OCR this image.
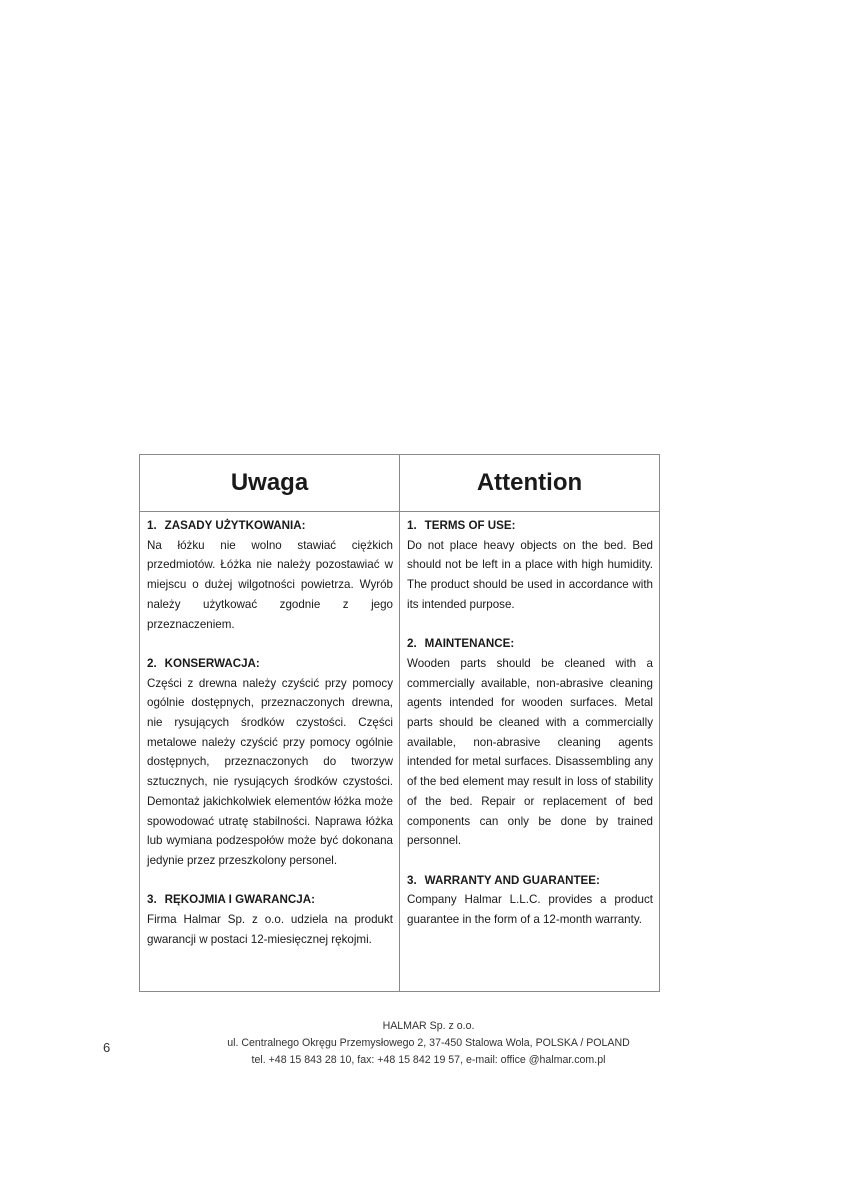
Uwaga	Attention
1. ZASADY UŻYTKOWANIA:
Na łóżku nie wolno stawiać ciężkich przedmiotów. Łóżka nie należy pozostawiać w miejscu o dużej wilgotności powietrza. Wyrób należy użytkować zgodnie z jego przeznaczeniem.
2. KONSERWACJA:
Części z drewna należy czyścić przy pomocy ogólnie dostępnych, przeznaczonych drewna, nie rysujących środków czystości. Części metalowe należy czyścić przy pomocy ogólnie dostępnych, przeznaczonych do tworzyw sztucznych, nie rysujących środków czystości. Demontaż jakichkolwiek elementów łóżka może spowodować utratę stabilności. Naprawa łóżka lub wymiana podzespołów może być dokonana jedynie przez przeszkolony personel.
3. RĘKOJMIA I GWARANCJA:
Firma Halmar Sp. z o.o. udziela na produkt gwarancji w postaci 12-miesięcznej rękojmi.
1. TERMS OF USE:
Do not place heavy objects on the bed. Bed should not be left in a place with high humidity. The product should be used in accordance with its intended purpose.
2. MAINTENANCE:
Wooden parts should be cleaned with a commercially available, non-abrasive cleaning agents intended for wooden surfaces. Metal parts should be cleaned with a commercially available, non-abrasive cleaning agents intended for metal surfaces. Disassembling any of the bed element may result in loss of stability of the bed. Repair or replacement of bed components can only be done by trained personnel.
3. WARRANTY AND GUARANTEE:
Company Halmar L.L.C. provides a product guarantee in the form of a 12-month warranty.
6
HALMAR Sp. z o.o.
ul. Centralnego Okręgu Przemysłowego 2, 37-450 Stalowa Wola, POLSKA / POLAND
tel. +48 15 843 28 10, fax: +48 15 842 19 57, e-mail: office @halmar.com.pl
